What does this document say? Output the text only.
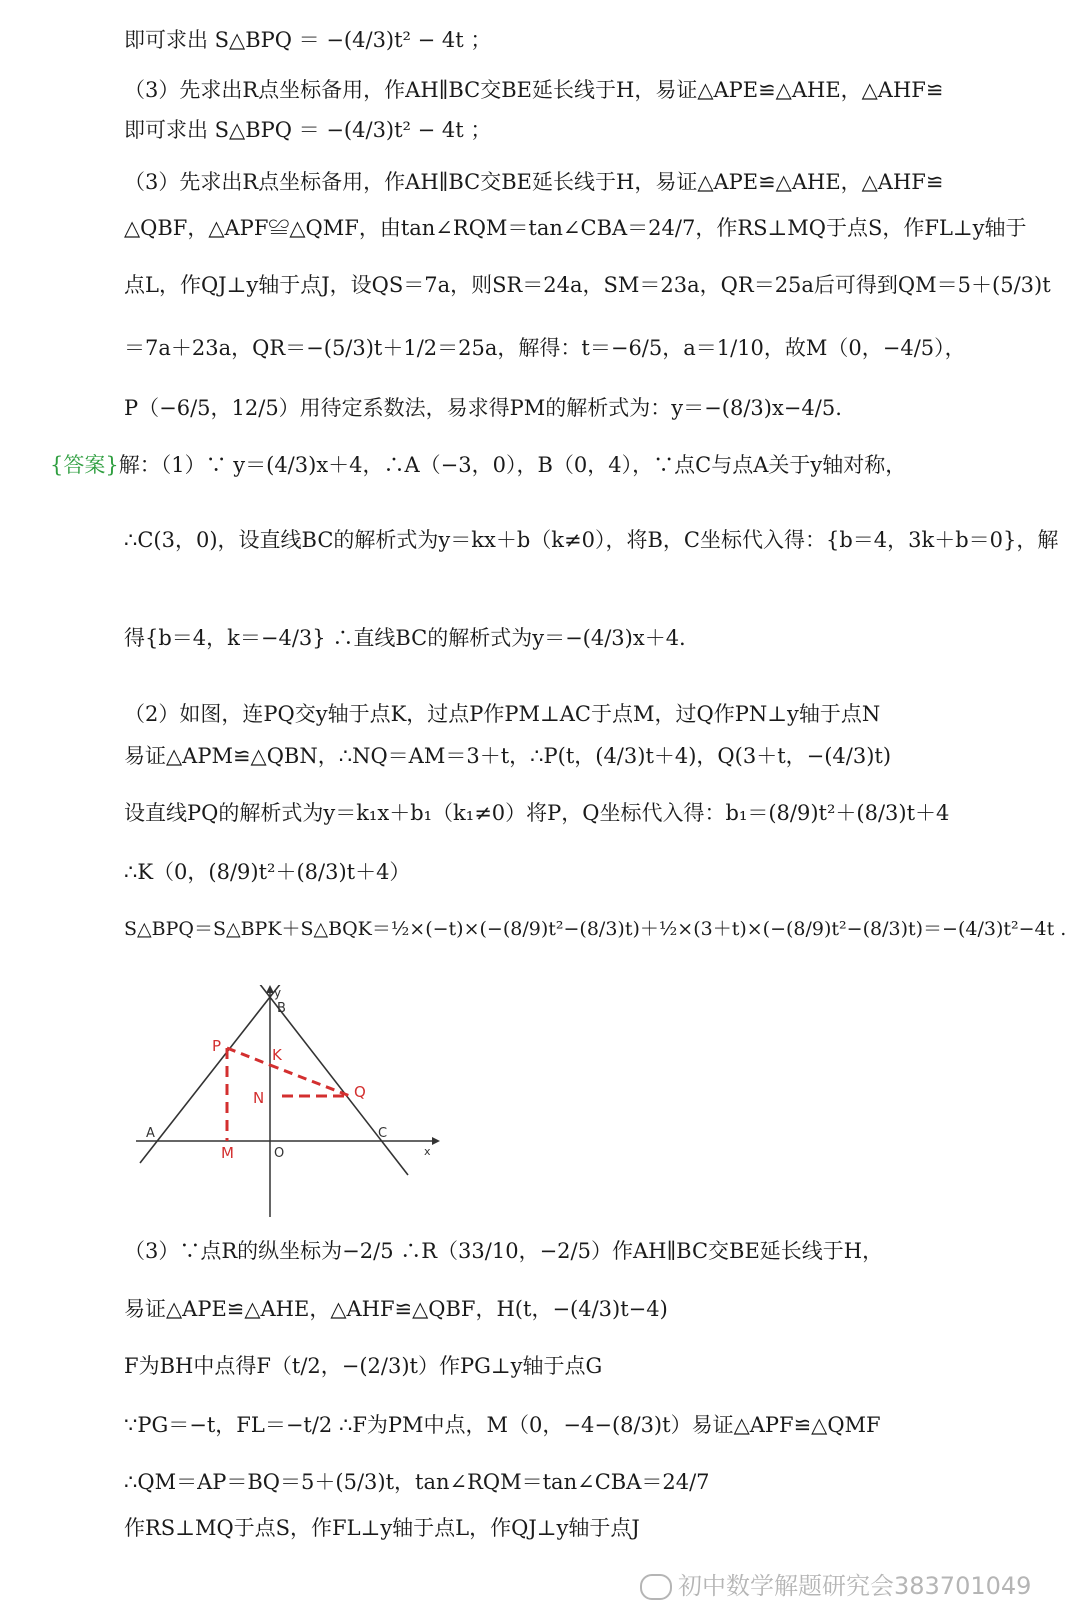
即可求出 S△BPQ ＝ −(4/3)t² − 4t ；
（3）先求出R点坐标备用，作AH∥BC交BE延长线于H，易证△APE≌△AHE，△AHF≌
即可求出 S△BPQ ＝ −(4/3)t² − 4t ；
（3）先求出R点坐标备用，作AH∥BC交BE延长线于H，易证△APE≌△AHE，△AHF≌
△QBF，△APF≌△QMF，由tan∠RQM＝tan∠CBA＝24/7，作RS⊥MQ于点S，作FL⊥y轴于
点L，作QJ⊥y轴于点J，设QS＝7a，则SR＝24a，SM＝23a，QR＝25a后可得到QM＝5＋(5/3)t
＝7a＋23a，QR＝−(5/3)t＋1/2＝25a，解得：t＝−6/5，a＝1/10，故M（0，−4/5），
P（−6/5，12/5）用待定系数法，易求得PM的解析式为：y＝−(8/3)x−4/5.
{答案}解：（1）∵ y＝(4/3)x＋4，∴A（−3，0），B（0，4），∵点C与点A关于y轴对称，
∴C(3，0)，设直线BC的解析式为y＝kx＋b（k≠0），将B，C坐标代入得：{b＝4，3k＋b＝0}，解
得{b＝4，k＝−4/3} ∴直线BC的解析式为y＝−(4/3)x＋4.
（2）如图，连PQ交y轴于点K，过点P作PM⊥AC于点M，过Q作PN⊥y轴于点N
易证△APM≌△QBN，∴NQ＝AM＝3＋t，∴P(t，(4/3)t＋4)，Q(3＋t，−(4/3)t)
设直线PQ的解析式为y＝k₁x＋b₁（k₁≠0）将P，Q坐标代入得：b₁＝(8/9)t²＋(8/3)t＋4
∴K（0，(8/9)t²＋(8/3)t＋4）
S△BPQ＝S△BPK＋S△BQK＝½×(−t)×(−(8/9)t²−(8/3)t)＋½×(3＋t)×(−(8/9)t²−(8/3)t)＝−(4/3)t²−4t .
y
B
P	K
N	Q
A	C
M	O	x
（3）∵点R的纵坐标为−2/5 ∴R（33/10，−2/5）作AH∥BC交BE延长线于H，
易证△APE≌△AHE，△AHF≌△QBF，H(t，−(4/3)t−4)
F为BH中点得F（t/2，−(2/3)t）作PG⊥y轴于点G
∵PG＝−t，FL＝−t/2 ∴F为PM中点，M（0，−4−(8/3)t）易证△APF≌△QMF
∴QM＝AP＝BQ＝5＋(5/3)t，tan∠RQM＝tan∠CBA＝24/7
作RS⊥MQ于点S，作FL⊥y轴于点L，作QJ⊥y轴于点J
初中数学解题研究会383701049
